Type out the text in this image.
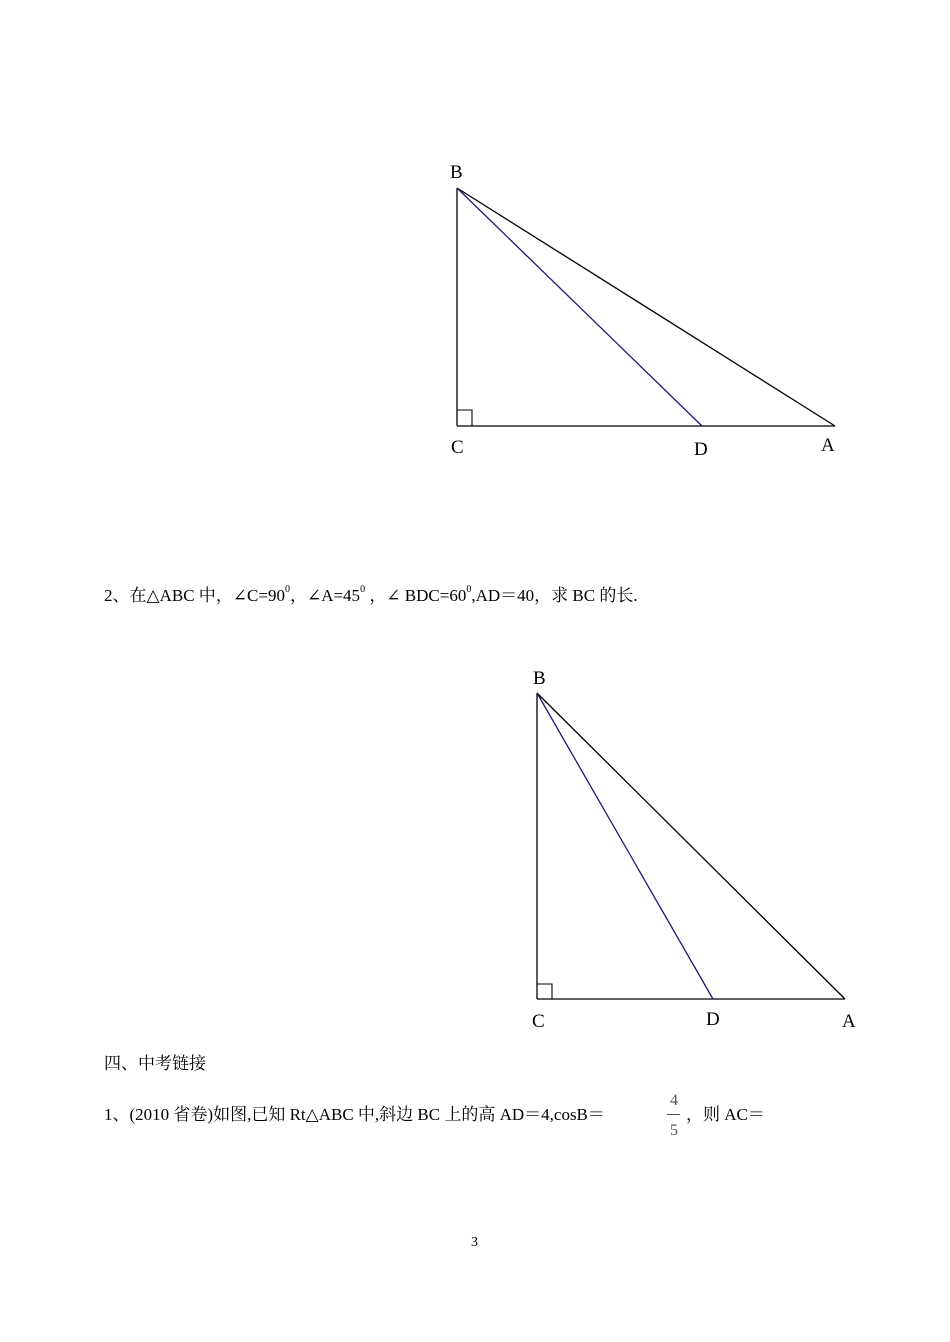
B
C	D	A
2、在△ABC 中，$\angle C=90^0$，$\angle A=45^0$ ，∠ $BDC=60^0,AD=40$，求 BC 的长.
B
C	D	A
四、中考链接
1、(2010 省卷)如图,已知 Rt△ABC 中,斜边 BC 上的高 AD＝4,cosB＝
4
5
，则 AC＝
3
